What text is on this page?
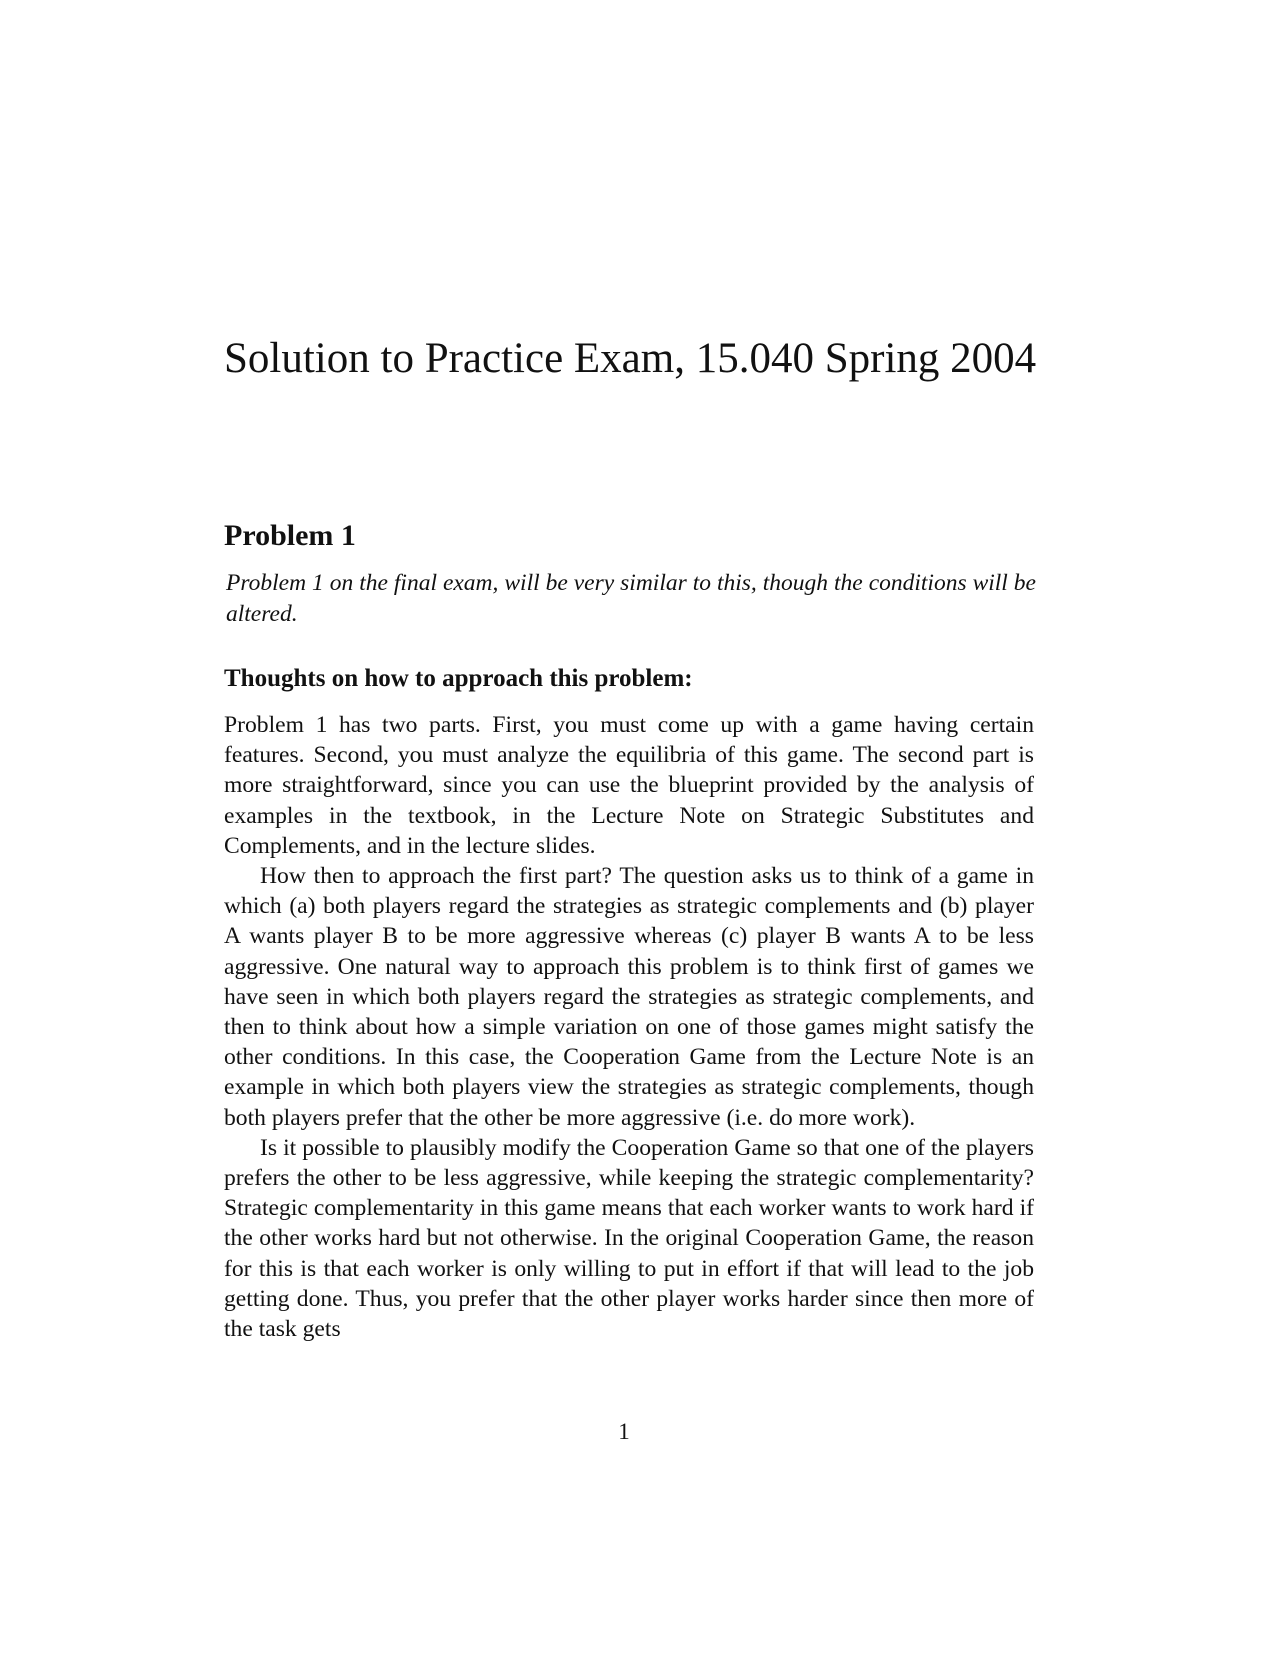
Solution to Practice Exam, 15.040 Spring 2004
Problem 1

Problem 1 on the final exam, will be very similar to this, though the conditions will be altered.

Thoughts on how to approach this problem:

Problem 1 has two parts. First, you must come up with a game having certain features. Second, you must analyze the equilibria of this game. The second part is more straightforward, since you can use the blueprint provided by the analysis of examples in the textbook, in the Lecture Note on Strategic Substitutes and Complements, and in the lecture slides.

How then to approach the first part? The question asks us to think of a game in which (a) both players regard the strategies as strategic complements and (b) player A wants player B to be more aggressive whereas (c) player B wants A to be less aggressive. One natural way to approach this problem is to think first of games we have seen in which both players regard the strategies as strategic complements, and then to think about how a simple variation on one of those games might satisfy the other conditions. In this case, the Cooperation Game from the Lecture Note is an example in which both players view the strategies as strategic complements, though both players prefer that the other be more aggressive (i.e. do more work).

Is it possible to plausibly modify the Cooperation Game so that one of the players prefers the other to be less aggressive, while keeping the strategic complementarity? Strategic complementarity in this game means that each worker wants to work hard if the other works hard but not otherwise. In the original Cooperation Game, the reason for this is that each worker is only willing to put in effort if that will lead to the job getting done. Thus, you prefer that the other player works harder since then more of the task gets

1
